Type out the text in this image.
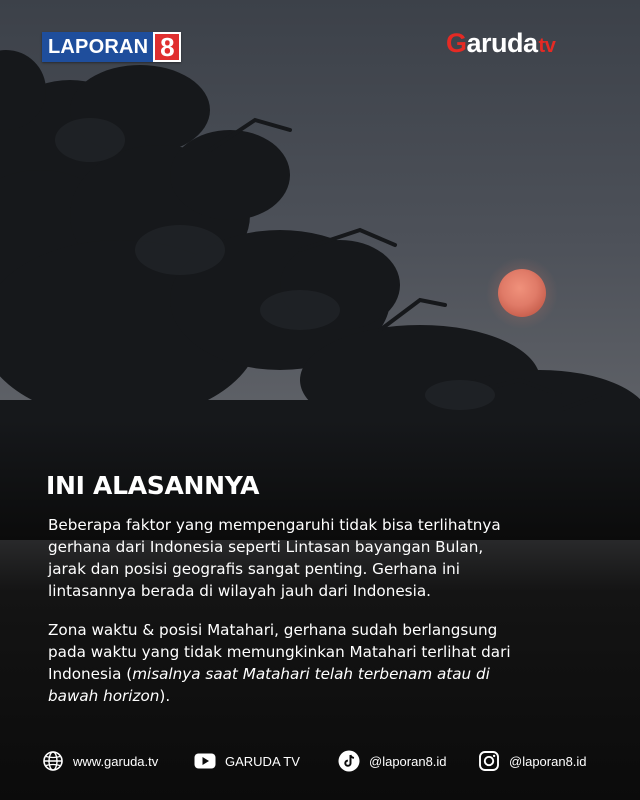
LAPORAN 8	G aruda tv
INI ALASANNYA

Beberapa faktor yang mempengaruhi tidak bisa terlihatnya
gerhana dari Indonesia seperti Lintasan bayangan Bulan,
jarak dan posisi geografis sangat penting. Gerhana ini
lintasannya berada di wilayah jauh dari Indonesia.

Zona waktu & posisi Matahari, gerhana sudah berlangsung
pada waktu yang tidak memungkinkan Matahari terlihat dari
Indonesia (misalnya saat Matahari telah terbenam atau di
bawah horizon).

www.garuda.tv	GARUDA TV	@laporan8.id	@laporan8.id
